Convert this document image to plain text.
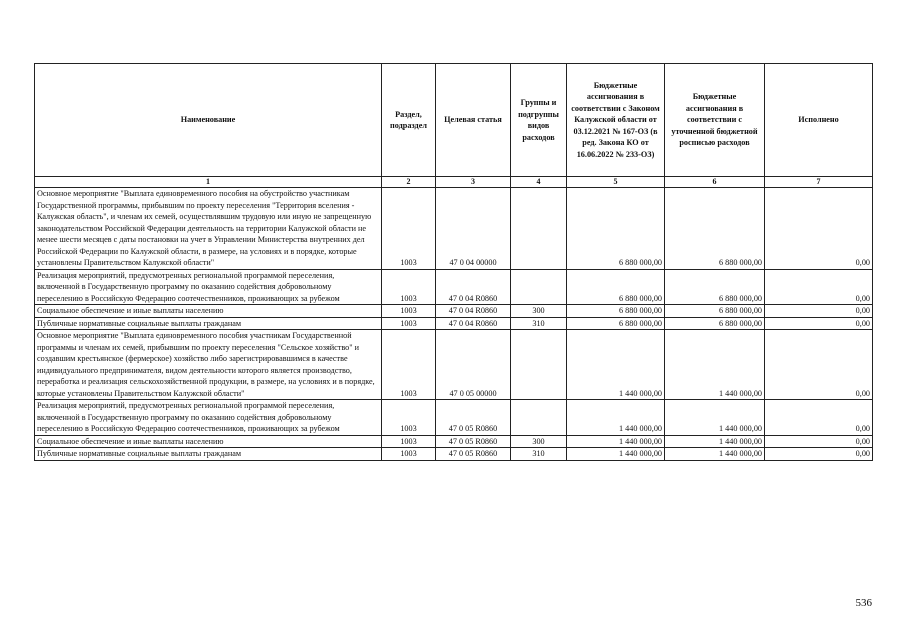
Наименование	Раздел, подраздел	Целевая статья	Группы и подгруппы видов расходов	Бюджетные ассигнования в соответствии с Законом Калужской области от 03.12.2021 № 167-ОЗ (в ред. Закона КО от 16.06.2022 № 233-ОЗ)	Бюджетные ассигнования в соответствии с уточненной бюджетной росписью расходов	Исполнено
1	2	3	4	5	6	7
Основное мероприятие "Выплата единовременного пособия на обустройство участникам Государственной программы, прибывшим по проекту переселения "Территория вселения - Калужская область", и членам их семей, осуществлявшим трудовую или иную не запрещенную законодательством Российской Федерации деятельность на территории Калужской области не менее шести месяцев с даты постановки на учет в Управлении Министерства внутренних дел Российской Федерации по Калужской области, в размере, на условиях и в порядке, которые установлены Правительством Калужской области"	1003	47 0 04 00000		6 880 000,00	6 880 000,00	0,00
Реализация мероприятий, предусмотренных региональной программой переселения, включенной в Государственную программу по оказанию содействия добровольному переселению в Российскую Федерацию соотечественников, проживающих за рубежом	1003	47 0 04 R0860		6 880 000,00	6 880 000,00	0,00
Социальное обеспечение и иные выплаты населению	1003	47 0 04 R0860	300	6 880 000,00	6 880 000,00	0,00
Публичные нормативные социальные выплаты гражданам	1003	47 0 04 R0860	310	6 880 000,00	6 880 000,00	0,00
Основное мероприятие "Выплата единовременного пособия участникам Государственной программы и членам их семей, прибывшим по проекту переселения "Сельское хозяйство" и создавшим крестьянское (фермерское) хозяйство либо зарегистрировавшимся в качестве индивидуального предпринимателя, видом деятельности которого является производство, переработка и реализация сельскохозяйственной продукции, в размере, на условиях и в порядке, которые установлены Правительством Калужской области"	1003	47 0 05 00000		1 440 000,00	1 440 000,00	0,00
Реализация мероприятий, предусмотренных региональной программой переселения, включенной в Государственную программу по оказанию содействия добровольному переселению в Российскую Федерацию соотечественников, проживающих за рубежом	1003	47 0 05 R0860		1 440 000,00	1 440 000,00	0,00
Социальное обеспечение и иные выплаты населению	1003	47 0 05 R0860	300	1 440 000,00	1 440 000,00	0,00
Публичные нормативные социальные выплаты гражданам	1003	47 0 05 R0860	310	1 440 000,00	1 440 000,00	0,00
536
